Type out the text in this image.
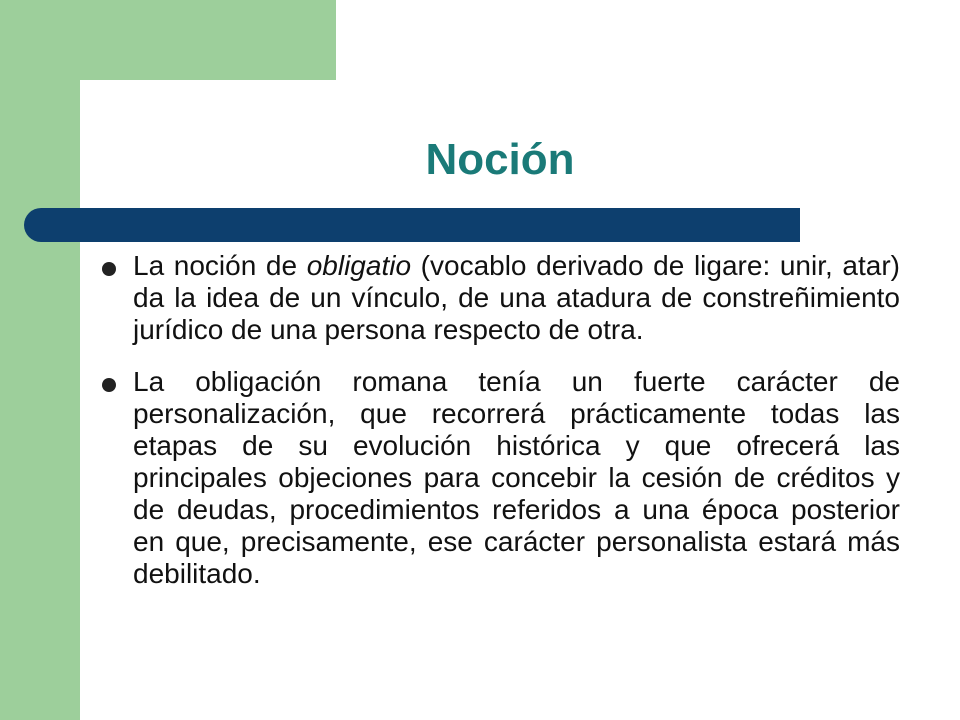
Noción
La noción de obligatio (vocablo derivado de ligare: unir, atar) da la idea de un vínculo, de una atadura de constreñimiento jurídico de una persona respecto de otra.
La obligación romana tenía un fuerte carácter de personalización, que recorrerá prácticamente todas las etapas de su evolución histórica y que ofrecerá las principales objeciones para concebir la cesión de créditos y de deudas, procedimientos referidos a una época posterior en que, precisamente, ese carácter personalista estará más debilitado.
